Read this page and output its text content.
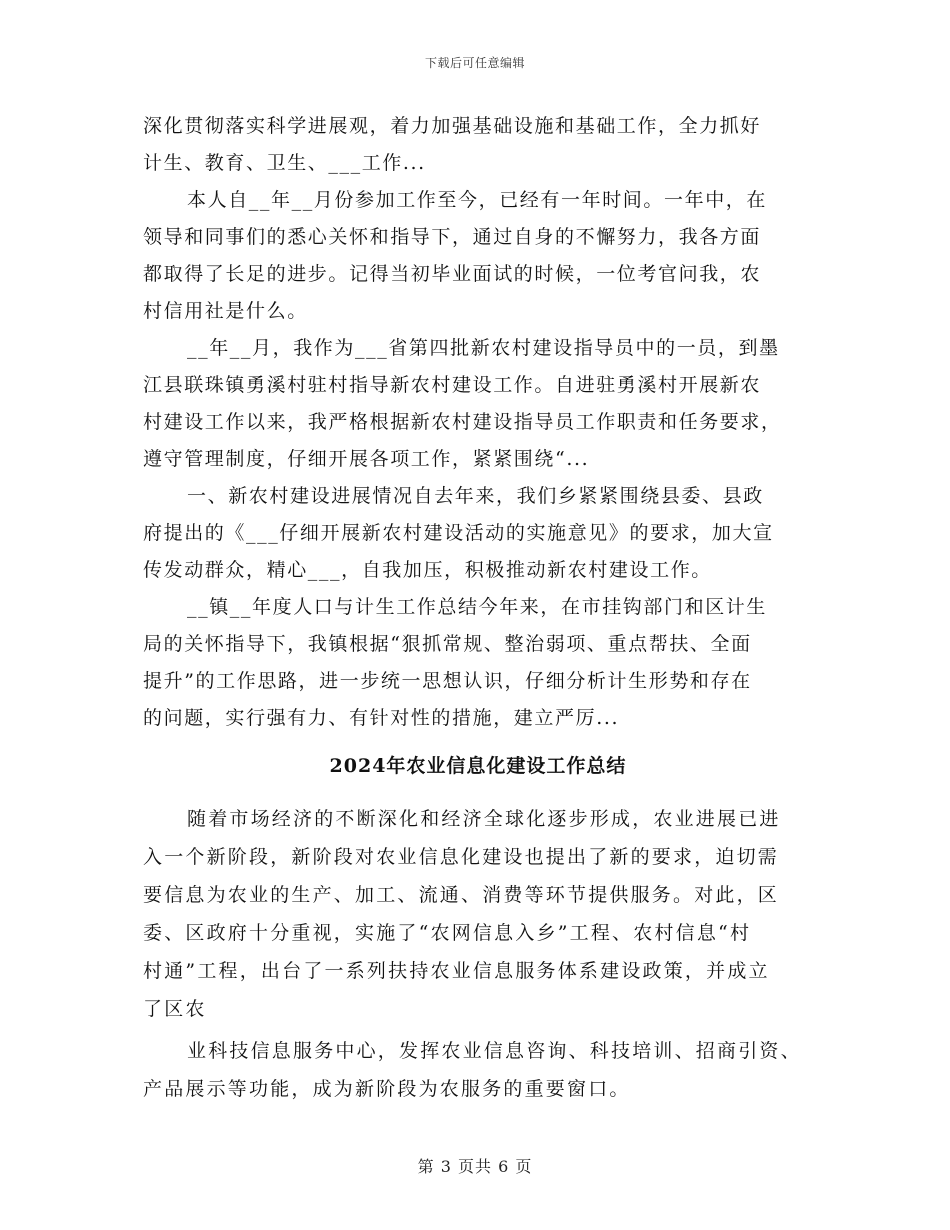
下载后可任意编辑
深化贯彻落实科学进展观，着力加强基础设施和基础工作，全力抓好
计生、教育、卫生、___工作...
本人自__年__月份参加工作至今，已经有一年时间。一年中，在
领导和同事们的悉心关怀和指导下，通过自身的不懈努力，我各方面
都取得了长足的进步。记得当初毕业面试的时候，一位考官问我，农
村信用社是什么。
__年__月，我作为___省第四批新农村建设指导员中的一员，到墨
江县联珠镇勇溪村驻村指导新农村建设工作。自进驻勇溪村开展新农
村建设工作以来，我严格根据新农村建设指导员工作职责和任务要求，
遵守管理制度，仔细开展各项工作，紧紧围绕“...
一、新农村建设进展情况自去年来，我们乡紧紧围绕县委、县政
府提出的《___仔细开展新农村建设活动的实施意见》的要求，加大宣
传发动群众，精心___，自我加压，积极推动新农村建设工作。
__镇__年度人口与计生工作总结今年来，在市挂钩部门和区计生
局的关怀指导下，我镇根据“狠抓常规、整治弱项、重点帮扶、全面
提升”的工作思路，进一步统一思想认识，仔细分析计生形势和存在
的问题，实行强有力、有针对性的措施，建立严厉...
2024年农业信息化建设工作总结
随着市场经济的不断深化和经济全球化逐步形成，农业进展已进
入一个新阶段，新阶段对农业信息化建设也提出了新的要求，迫切需
要信息为农业的生产、加工、流通、消费等环节提供服务。对此，区
委、区政府十分重视，实施了“农网信息入乡”工程、农村信息“村
村通”工程，出台了一系列扶持农业信息服务体系建设政策，并成立
了区农
业科技信息服务中心，发挥农业信息咨询、科技培训、招商引资、
产品展示等功能，成为新阶段为农服务的重要窗口。
第 3 页共 6 页
